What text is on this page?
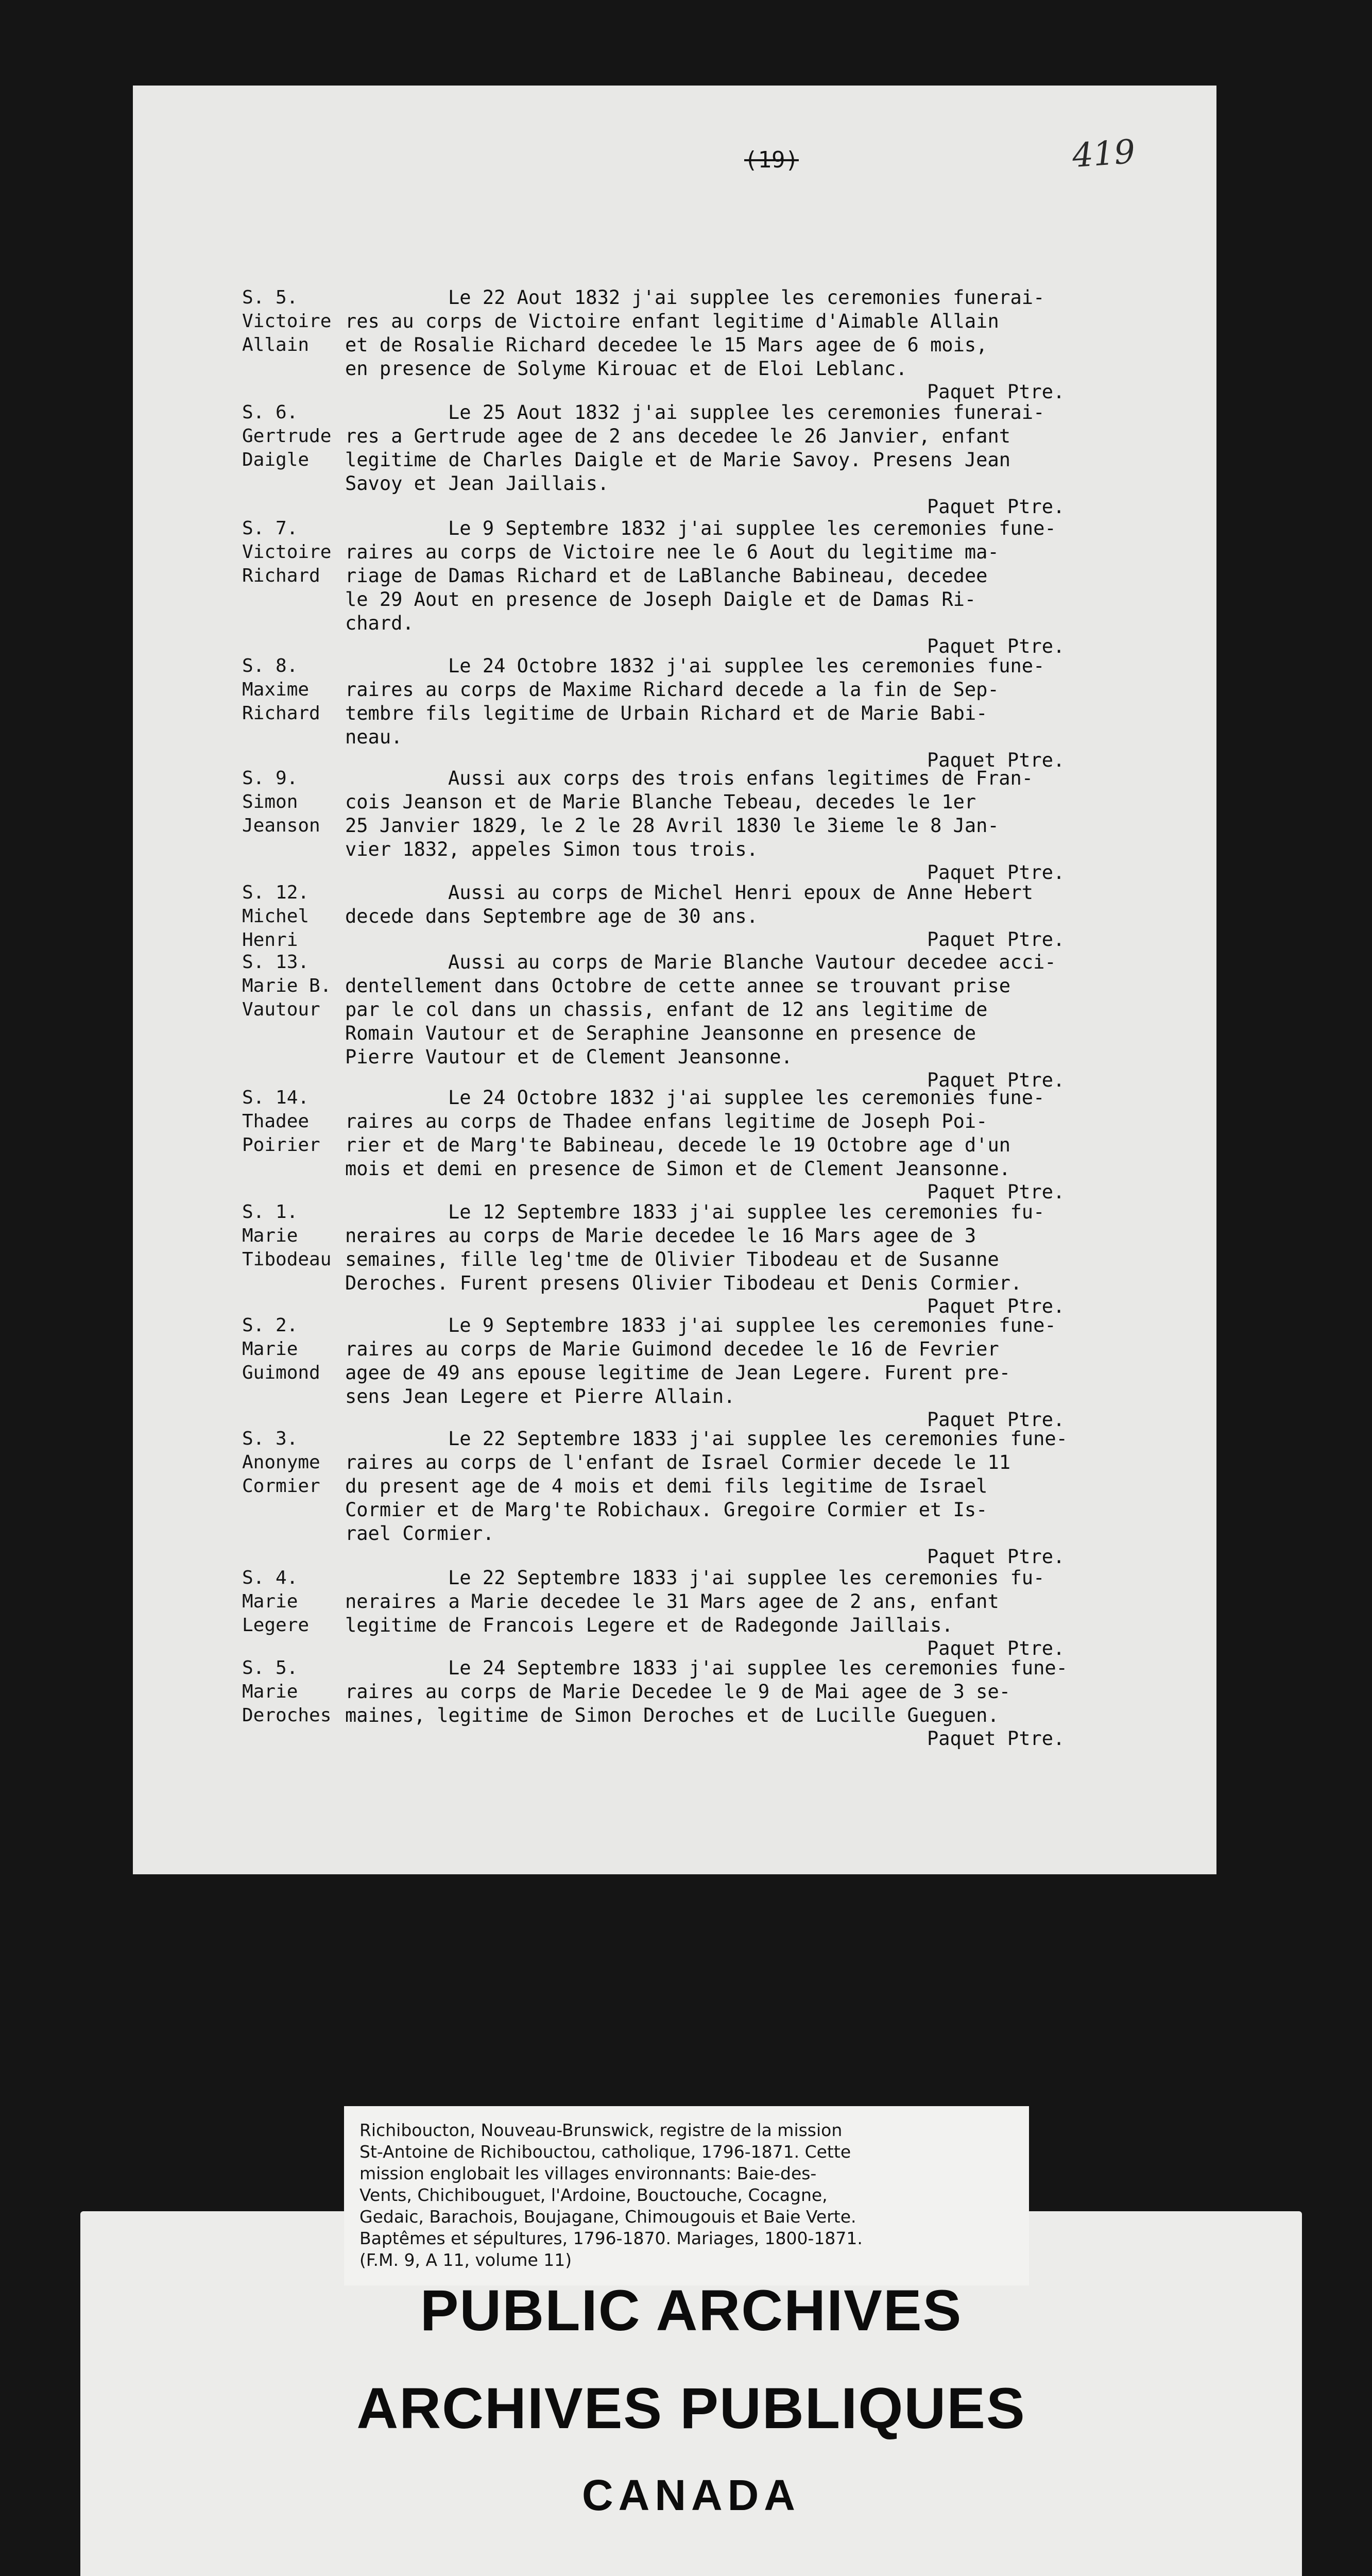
(19)	419
S. 5.
Victoire
Allain
Le 22 Aout 1832 j'ai supplee les ceremonies funerai-
res au corps de Victoire enfant legitime d'Aimable Allain
et de Rosalie Richard decedee le 15 Mars agee de 6 mois,
en presence de Solyme Kirouac et de Eloi Leblanc.
Paquet Ptre.
S. 6.
Gertrude
Daigle
Le 25 Aout 1832 j'ai supplee les ceremonies funerai-
res a Gertrude agee de 2 ans decedee le 26 Janvier, enfant
legitime de Charles Daigle et de Marie Savoy. Presens Jean
Savoy et Jean Jaillais.
Paquet Ptre.
S. 7.
Victoire
Richard
Le 9 Septembre 1832 j'ai supplee les ceremonies fune-
raires au corps de Victoire nee le 6 Aout du legitime ma-
riage de Damas Richard et de LaBlanche Babineau, decedee
le 29 Aout en presence de Joseph Daigle et de Damas Ri-
chard.
Paquet Ptre.
S. 8.
Maxime
Richard
Le 24 Octobre 1832 j'ai supplee les ceremonies fune-
raires au corps de Maxime Richard decede a la fin de Sep-
tembre fils legitime de Urbain Richard et de Marie Babi-
neau.
Paquet Ptre.
S. 9.
Simon
Jeanson
Aussi aux corps des trois enfans legitimes de Fran-
cois Jeanson et de Marie Blanche Tebeau, decedes le 1er
25 Janvier 1829, le 2 le 28 Avril 1830 le 3ieme le 8 Jan-
vier 1832, appeles Simon tous trois.
Paquet Ptre.
S. 12.
Michel
Henri
Aussi au corps de Michel Henri epoux de Anne Hebert
decede dans Septembre age de 30 ans.
Paquet Ptre.
S. 13.
Marie B.
Vautour
Aussi au corps de Marie Blanche Vautour decedee acci-
dentellement dans Octobre de cette annee se trouvant prise
par le col dans un chassis, enfant de 12 ans legitime de
Romain Vautour et de Seraphine Jeansonne en presence de
Pierre Vautour et de Clement Jeansonne.
Paquet Ptre.
S. 14.
Thadee
Poirier
Le 24 Octobre 1832 j'ai supplee les ceremonies fune-
raires au corps de Thadee enfans legitime de Joseph Poi-
rier et de Marg'te Babineau, decede le 19 Octobre age d'un
mois et demi en presence de Simon et de Clement Jeansonne.
Paquet Ptre.
S. 1.
Marie
Tibodeau
Le 12 Septembre 1833 j'ai supplee les ceremonies fu-
neraires au corps de Marie decedee le 16 Mars agee de 3
semaines, fille leg'tme de Olivier Tibodeau et de Susanne
Deroches. Furent presens Olivier Tibodeau et Denis Cormier.
Paquet Ptre.
S. 2.
Marie
Guimond
Le 9 Septembre 1833 j'ai supplee les ceremonies fune-
raires au corps de Marie Guimond decedee le 16 de Fevrier
agee de 49 ans epouse legitime de Jean Legere. Furent pre-
sens Jean Legere et Pierre Allain.
Paquet Ptre.
S. 3.
Anonyme
Cormier
Le 22 Septembre 1833 j'ai supplee les ceremonies fune-
raires au corps de l'enfant de Israel Cormier decede le 11
du present age de 4 mois et demi fils legitime de Israel
Cormier et de Marg'te Robichaux. Gregoire Cormier et Is-
rael Cormier.
Paquet Ptre.
S. 4.
Marie
Legere
Le 22 Septembre 1833 j'ai supplee les ceremonies fu-
neraires a Marie decedee le 31 Mars agee de 2 ans, enfant
legitime de Francois Legere et de Radegonde Jaillais.
Paquet Ptre.
S. 5.
Marie
Deroches
Le 24 Septembre 1833 j'ai supplee les ceremonies fune-
raires au corps de Marie Decedee le 9 de Mai agee de 3 se-
maines, legitime de Simon Deroches et de Lucille Gueguen.
Paquet Ptre.
Richiboucton, Nouveau-Brunswick, registre de la mission
St-Antoine de Richibouctou, catholique, 1796-1871. Cette
mission englobait les villages environnants: Baie-des-
Vents, Chichibouguet, l'Ardoine, Bouctouche, Cocagne,
Gedaic, Barachois, Boujagane, Chimougouis et Baie Verte.
Baptêmes et sépultures, 1796-1870. Mariages, 1800-1871.
(F.M. 9, A 11, volume 11)
PUBLIC ARCHIVES
ARCHIVES PUBLIQUES
CANADA
